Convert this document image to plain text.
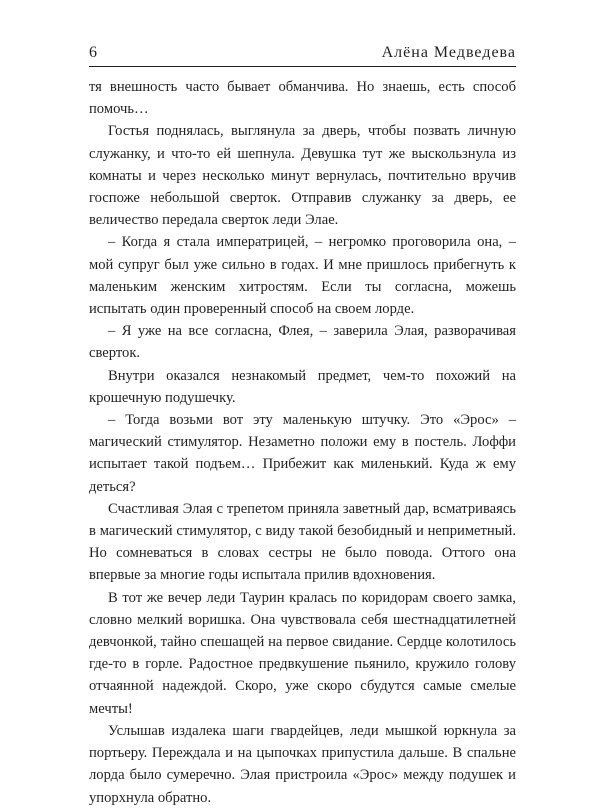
6	Алёна Медведева

тя внешность часто бывает обманчива. Но знаешь, есть способ помочь…

Гостья поднялась, выглянула за дверь, чтобы позвать личную служанку, и что-то ей шепнула. Девушка тут же выскользнула из комнаты и через несколько минут вернулась, почтительно вручив госпоже небольшой сверток. Отправив служанку за дверь, ее величество передала сверток леди Элае.

– Когда я стала императрицей, – негромко проговорила она, – мой супруг был уже сильно в годах. И мне пришлось прибегнуть к маленьким женским хитростям. Если ты согласна, можешь испытать один проверенный способ на своем лорде.

– Я уже на все согласна, Флея, – заверила Элая, разворачивая сверток.

Внутри оказался незнакомый предмет, чем-то похожий на крошечную подушечку.

– Тогда возьми вот эту маленькую штучку. Это «Эрос» – магический стимулятор. Незаметно положи ему в постель. Лоффи испытает такой подъем… Прибежит как миленький. Куда ж ему деться?

Счастливая Элая с трепетом приняла заветный дар, всматриваясь в магический стимулятор, с виду такой безобидный и неприметный. Но сомневаться в словах сестры не было повода. Оттого она впервые за многие годы испытала прилив вдохновения.

В тот же вечер леди Таурин кралась по коридорам своего замка, словно мелкий воришка. Она чувствовала себя шестнадцатилетней девчонкой, тайно спешащей на первое свидание. Сердце колотилось где-то в горле. Радостное предвкушение пьянило, кружило голову отчаянной надеждой. Скоро, уже скоро сбудутся самые смелые мечты!

Услышав издалека шаги гвардейцев, леди мышкой юркнула за портьеру. Переждала и на цыпочках припустила дальше. В спальне лорда было сумеречно. Элая пристроила «Эрос» между подушек и упорхнула обратно.
